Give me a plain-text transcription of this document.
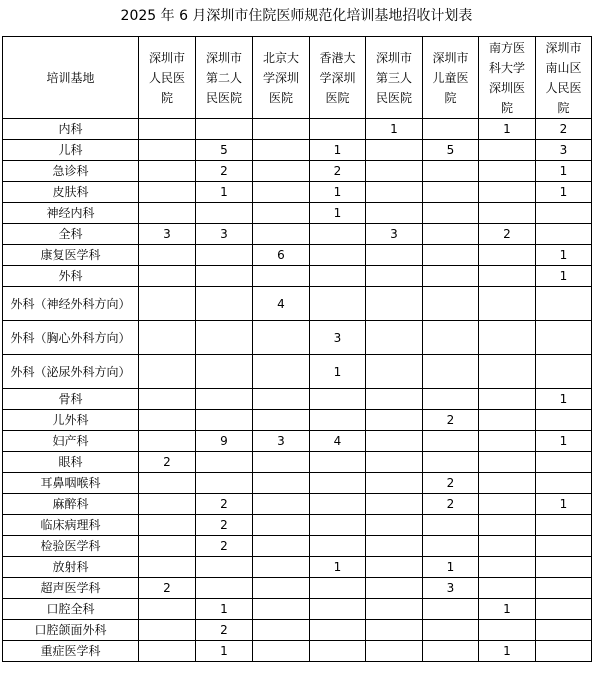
2025 年 6 月深圳市住院医师规范化培训基地招收计划表
培训基地	深圳市人民医院	深圳市第二人民医院	北京大学深圳医院	香港大学深圳医院	深圳市第三人民医院	深圳市儿童医院	南方医科大学深圳医院	深圳市南山区人民医院
内科					1		1	2
儿科		5		1		5		3
急诊科		2		2				1
皮肤科		1		1				1
神经内科				1				
全科	3	3			3		2	
康复医学科			6					1
外科								1
外科（神经外科方向）			4					
外科（胸心外科方向）				3				
外科（泌尿外科方向）				1				
骨科								1
儿外科						2		
妇产科		9	3	4				1
眼科	2							
耳鼻咽喉科						2		
麻醉科		2				2		1
临床病理科		2						
检验医学科		2						
放射科				1		1		
超声医学科	2					3		
口腔全科		1					1	
口腔颌面外科		2						
重症医学科		1					1	
